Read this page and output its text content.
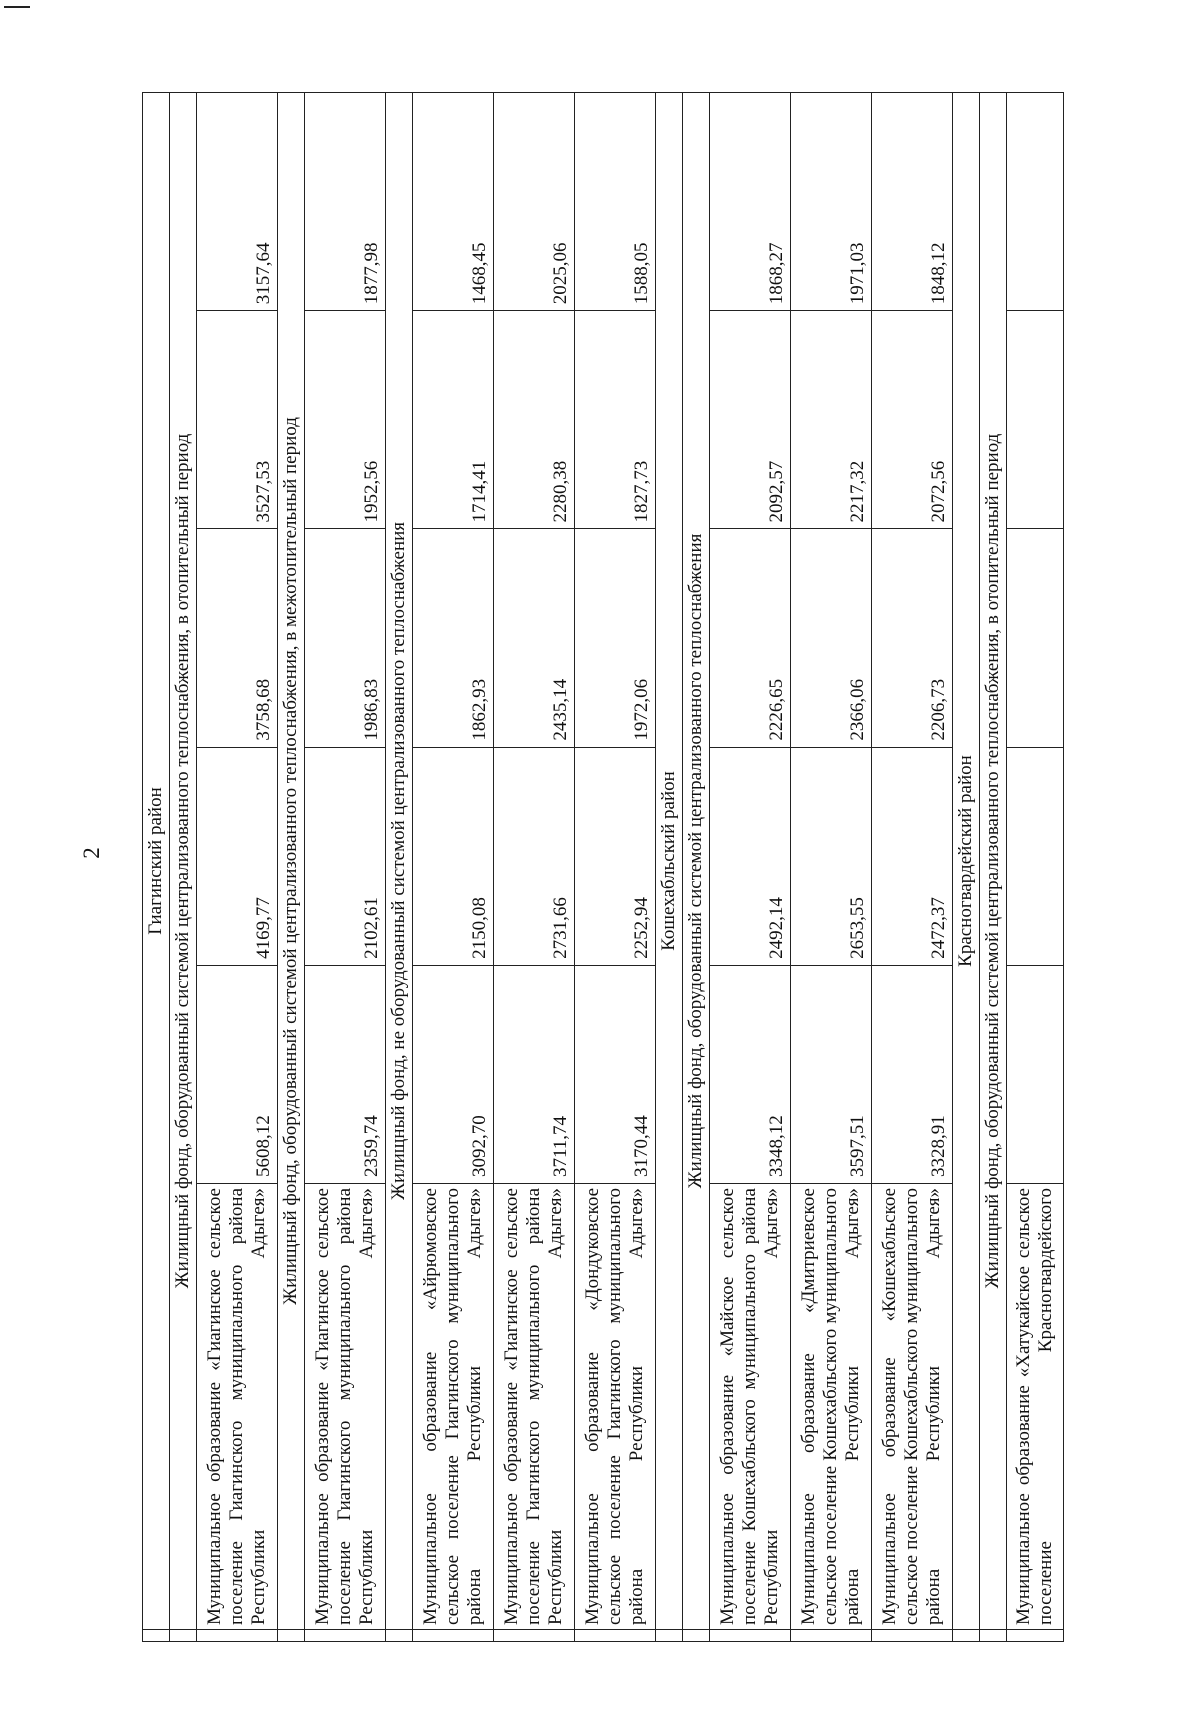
2
	Гиагинский район					
	Жилищный фонд, оборудованный системой централизованного теплоснабжения, в отопительный период					

	Муниципальное образование «Гиагинское сельское поселение Гиагинского муниципального района Республики Адыгея»	5608,12	4169,77	3758,68	3527,53	3157,64
	Жилищный фонд, оборудованный системой централизованного теплоснабжения, в межотопительный период					

	Муниципальное образование «Гиагинское сельское поселение Гиагинского муниципального района Республики Адыгея»	2359,74	2102,61	1986,83	1952,56	1877,98
	Жилищный фонд, не оборудованный системой централизованного теплоснабжения					

	Муниципальное образование «Айрюмовское сельское поселение Гиагинского муниципального района Республики Адыгея»	3092,70	2150,08	1862,93	1714,41	1468,45

	Муниципальное образование «Гиагинское сельское поселение Гиагинского муниципального района Республики Адыгея»	3711,74	2731,66	2435,14	2280,38	2025,06

	Муниципальное образование «Дондуковское сельское поселение Гиагинского муниципального района Республики Адыгея»	3170,44	2252,94	1972,06	1827,73	1588,05
	Кошехабльский район					
	Жилищный фонд, оборудованный системой централизованного теплоснабжения					

	Муниципальное образование «Майское сельское поселение Кошехабльского муниципального района Республики Адыгея»	3348,12	2492,14	2226,65	2092,57	1868,27

	Муниципальное образование «Дмитриевское сельское поселение Кошехабльского муниципального района Республики Адыгея»	3597,51	2653,55	2366,06	2217,32	1971,03

	Муниципальное образование «Кошехабльское сельское поселение Кошехабльского муниципального района Республики Адыгея»	3328,91	2472,37	2206,73	2072,56	1848,12
	Красногвардейский район					
	Жилищный фонд, оборудованный системой централизованного теплоснабжения, в отопительный период					

	Муниципальное образование «Хатукайское сельское поселение Красногвардейского					
